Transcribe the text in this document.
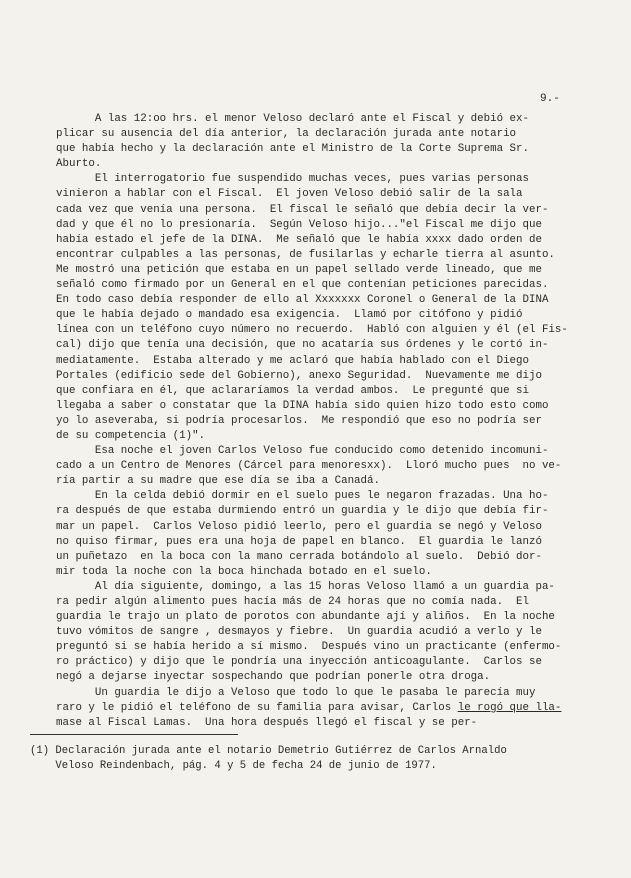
9.-
A las 12:oo hrs. el menor Veloso declaró ante el Fiscal y debió ex-
plicar su ausencia del día anterior, la declaración jurada ante notario
que había hecho y la declaración ante el Ministro de la Corte Suprema Sr.
Aburto.
El interrogatorio fue suspendido muchas veces, pues varias personas
vinieron a hablar con el Fiscal.  El joven Veloso debió salir de la sala
cada vez que venía una persona.  El fiscal le señaló que debía decir la ver-
dad y que él no lo presionaría.  Según Veloso hijo..."el Fiscal me dijo que
había estado el jefe de la DINA.  Me señaló que le había xxxx dado orden de
encontrar culpables a las personas, de fusilarlas y echarle tierra al asunto.
Me mostró una petición que estaba en un papel sellado verde lineado, que me
señaló como firmado por un General en el que contenían peticiones parecidas.
En todo caso debía responder de ello al Xxxxxxx Coronel o General de la DINA
que le había dejado o mandado esa exigencia.  Llamó por citófono y pidió
línea con un teléfono cuyo número no recuerdo.  Habló con alguien y él (el Fis-
cal) dijo que tenía una decisión, que no acataría sus órdenes y le cortó in-
mediatamente.  Estaba alterado y me aclaró que había hablado con el Diego
Portales (edificio sede del Gobierno), anexo Seguridad.  Nuevamente me dijo
que confiara en él, que aclararíamos la verdad ambos.  Le pregunté que si
llegaba a saber o constatar que la DINA había sido quien hizo todo esto como
yo lo aseveraba, si podría procesarlos.  Me respondió que eso no podría ser
de su competencia (1)".
Esa noche el joven Carlos Veloso fue conducido como detenido incomuni-
cado a un Centro de Menores (Cárcel para menoresxx).  Lloró mucho pues  no ve-
ría partir a su madre que ese día se iba a Canadá.
En la celda debió dormir en el suelo pues le negaron frazadas. Una ho-
ra después de que estaba durmiendo entró un guardia y le dijo que debía fir-
mar un papel.  Carlos Veloso pidió leerlo, pero el guardia se negó y Veloso
no quiso firmar, pues era una hoja de papel en blanco.  El guardia le lanzó
un puñetazo  en la boca con la mano cerrada botándolo al suelo.  Debió dor-
mir toda la noche con la boca hinchada botado en el suelo.
Al día siguiente, domingo, a las 15 horas Veloso llamó a un guardia pa-
ra pedir algún alimento pues hacía más de 24 horas que no comía nada.  El
guardia le trajo un plato de porotos con abundante ají y aliños.  En la noche
tuvo vómitos de sangre , desmayos y fiebre.  Un guardia acudió a verlo y le
preguntó si se había herido a sí mismo.  Después vino un practicante (enfermo-
ro práctico) y dijo que le pondría una inyección anticoagulante.  Carlos se
negó a dejarse inyectar sospechando que podrían ponerle otra droga.
Un guardia le dijo a Veloso que todo lo que le pasaba le parecía muy
raro y le pidió el teléfono de su familia para avisar, Carlos le rogó que lla-
mase al Fiscal Lamas.  Una hora después llegó el fiscal y se per-
(1) Declaración jurada ante el notario Demetrio Gutiérrez de Carlos Arnaldo
Veloso Reindenbach, pág. 4 y 5 de fecha 24 de junio de 1977.
